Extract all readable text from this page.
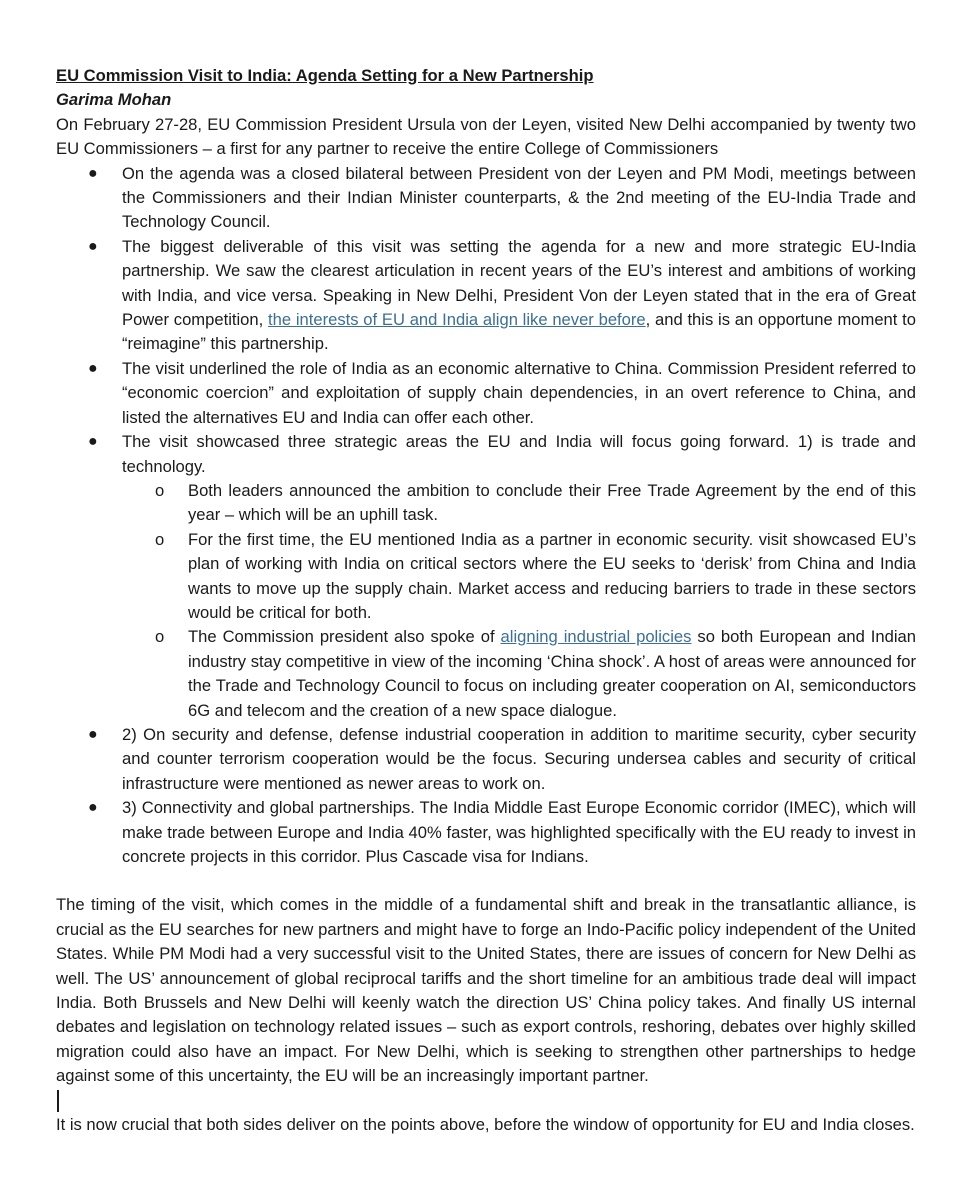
EU Commission Visit to India: Agenda Setting for a New Partnership

Garima Mohan

On February 27-28, EU Commission President Ursula von der Leyen, visited New Delhi accompanied by twenty two EU Commissioners – a first for any partner to receive the entire College of Commissioners

● On the agenda was a closed bilateral between President von der Leyen and PM Modi, meetings between the Commissioners and their Indian Minister counterparts, & the 2nd meeting of the EU-India Trade and Technology Council.
● The biggest deliverable of this visit was setting the agenda for a new and more strategic EU-India partnership. We saw the clearest articulation in recent years of the EU’s interest and ambitions of working with India, and vice versa. Speaking in New Delhi, President Von der Leyen stated that in the era of Great Power competition, the interests of EU and India align like never before, and this is an opportune moment to “reimagine” this partnership.
● The visit underlined the role of India as an economic alternative to China. Commission President referred to “economic coercion” and exploitation of supply chain dependencies, in an overt reference to China, and listed the alternatives EU and India can offer each other.
● The visit showcased three strategic areas the EU and India will focus going forward. 1) is trade and technology.
o Both leaders announced the ambition to conclude their Free Trade Agreement by the end of this year – which will be an uphill task.
o For the first time, the EU mentioned India as a partner in economic security. visit showcased EU’s plan of working with India on critical sectors where the EU seeks to ‘derisk’ from China and India wants to move up the supply chain. Market access and reducing barriers to trade in these sectors would be critical for both.
o The Commission president also spoke of aligning industrial policies so both European and Indian industry stay competitive in view of the incoming ‘China shock’. A host of areas were announced for the Trade and Technology Council to focus on including greater cooperation on AI, semiconductors 6G and telecom and the creation of a new space dialogue.
● 2) On security and defense, defense industrial cooperation in addition to maritime security, cyber security and counter terrorism cooperation would be the focus. Securing undersea cables and security of critical infrastructure were mentioned as newer areas to work on.
● 3) Connectivity and global partnerships. The India Middle East Europe Economic corridor (IMEC), which will make trade between Europe and India 40% faster, was highlighted specifically with the EU ready to invest in concrete projects in this corridor. Plus Cascade visa for Indians.

The timing of the visit, which comes in the middle of a fundamental shift and break in the transatlantic alliance, is crucial as the EU searches for new partners and might have to forge an Indo-Pacific policy independent of the United States. While PM Modi had a very successful visit to the United States, there are issues of concern for New Delhi as well. The US’ announcement of global reciprocal tariffs and the short timeline for an ambitious trade deal will impact India. Both Brussels and New Delhi will keenly watch the direction US’ China policy takes. And finally US internal debates and legislation on technology related issues – such as export controls, reshoring, debates over highly skilled migration could also have an impact. For New Delhi, which is seeking to strengthen other partnerships to hedge against some of this uncertainty, the EU will be an increasingly important partner.

It is now crucial that both sides deliver on the points above, before the window of opportunity for EU and India closes.
